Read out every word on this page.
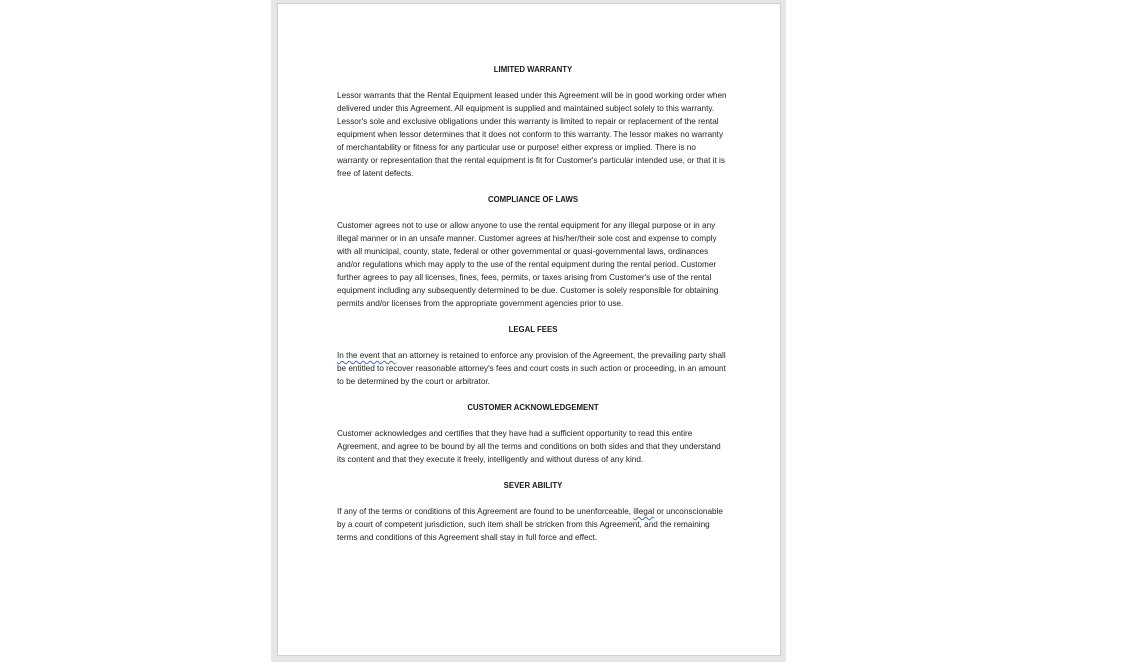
LIMITED WARRANTY
Lessor warrants that the Rental Equipment leased under this Agreement will be in good working order when delivered under this Agreement. All equipment is supplied and maintained subject solely to this warranty. Lessor's sole and exclusive obligations under this warranty is limited to repair or replacement of the rental equipment when lessor determines that it does not conform to this warranty. The lessor makes no warranty of merchantability or fitness for any particular use or purpose! either express or implied. There is no warranty or representation that the rental equipment is fit for Customer's particular intended use, or that it is free of latent defects.
COMPLIANCE OF LAWS
Customer agrees not to use or allow anyone to use the rental equipment for any illegal purpose or in any illegal manner or in an unsafe manner. Customer agrees at his/her/their sole cost and expense to comply with all municipal, county, state, federal or other governmental or quasi-governmental laws, ordinances and/or regulations which may apply to the use of the rental equipment during the rental period. Customer further agrees to pay all licenses, fines, fees, permits, or taxes arising from Customer's use of the rental equipment including any subsequently determined to be due. Customer is solely responsible for obtaining permits and/or licenses from the appropriate government agencies prior to use.
LEGAL FEES
In the event that an attorney is retained to enforce any provision of the Agreement, the prevailing party shall be entitled to recover reasonable attorney's fees and court costs in such action or proceeding, in an amount to be determined by the court or arbitrator.
CUSTOMER ACKNOWLEDGEMENT
Customer acknowledges and certifies that they have had a sufficient opportunity to read this entire Agreement, and agree to be bound by all the terms and conditions on both sides and that they understand its content and that they execute it freely, intelligently and without duress of any kind.
SEVER ABILITY
If any of the terms or conditions of this Agreement are found to be unenforceable, illegal or unconscionable by a court of competent jurisdiction, such item shall be stricken from this Agreement, and the remaining terms and conditions of this Agreement shall stay in full force and effect.
